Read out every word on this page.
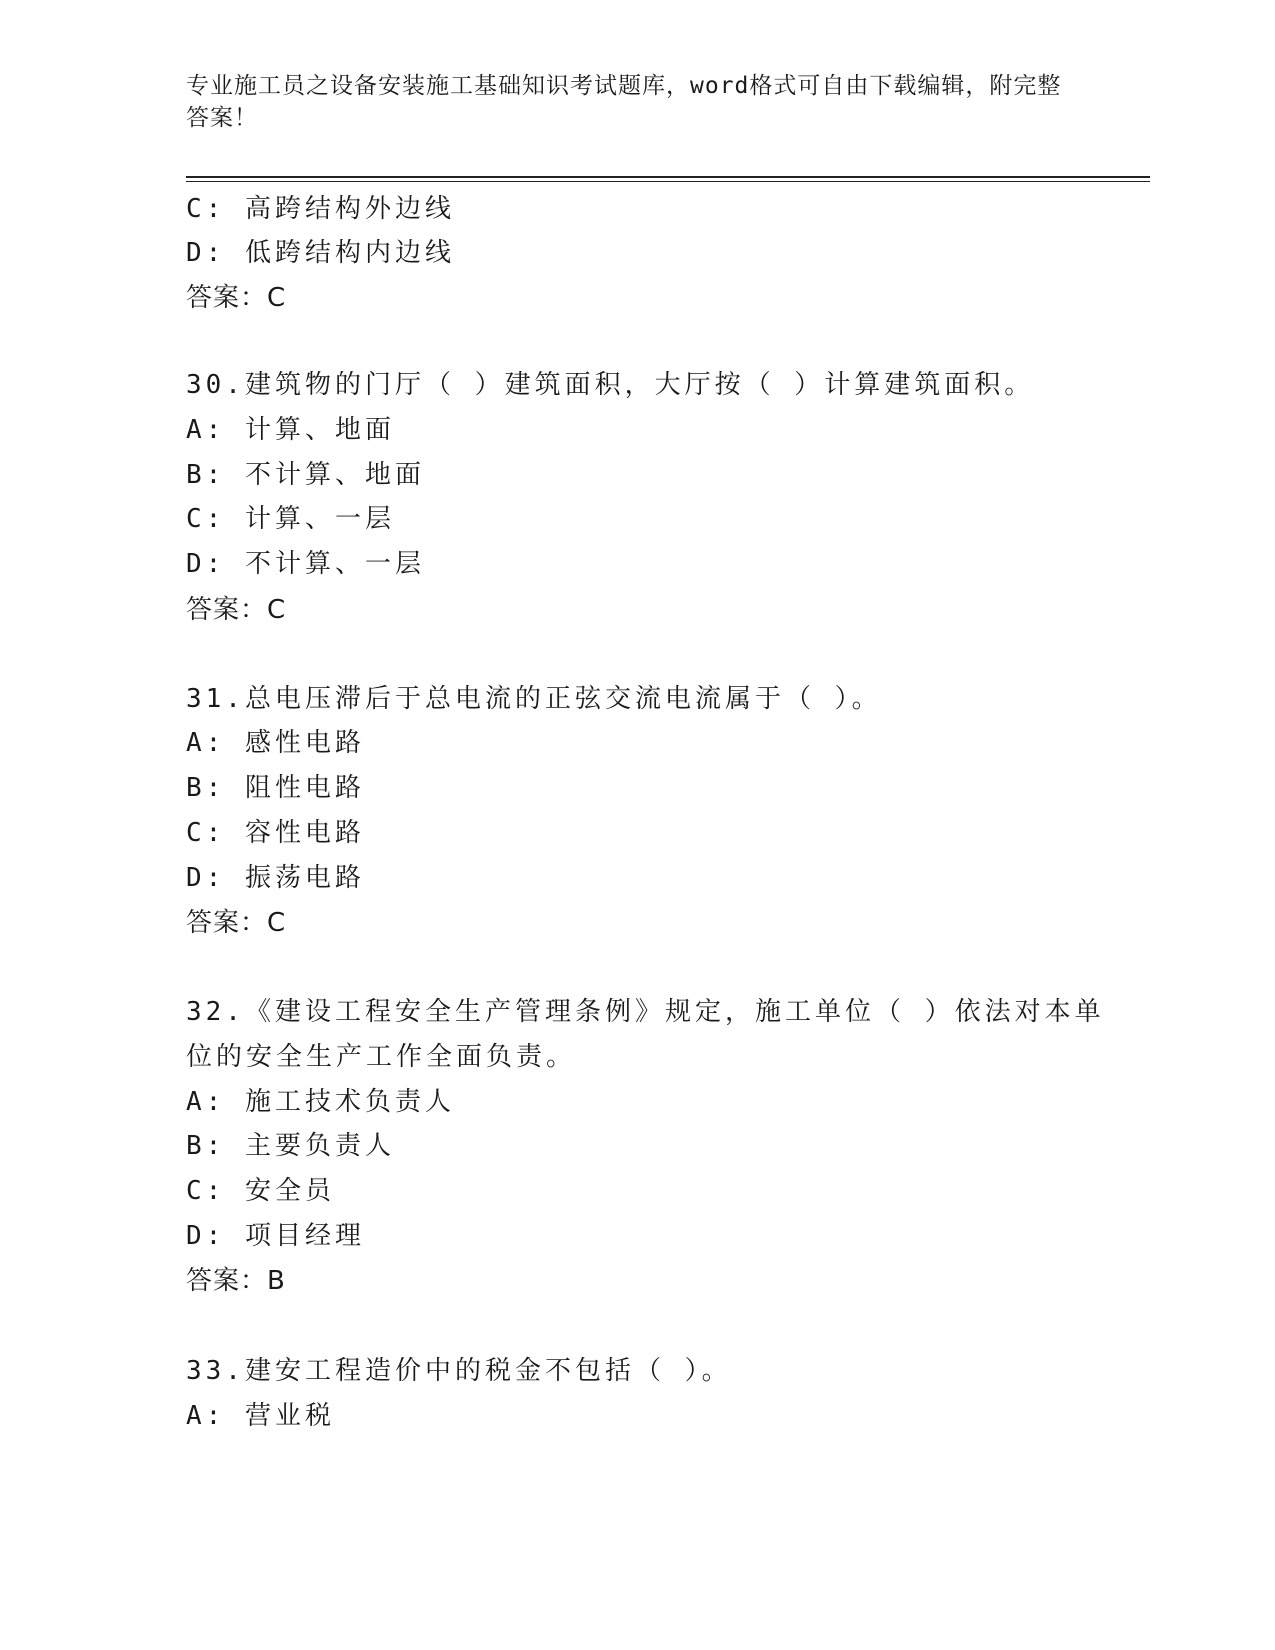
专业施工员之设备安装施工基础知识考试题库，word格式可自由下载编辑，附完整答案！
C: 高跨结构外边线
D: 低跨结构内边线
答案：C
30.建筑物的门厅（ ）建筑面积，大厅按（ ）计算建筑面积。
A: 计算、地面
B: 不计算、地面
C: 计算、一层
D: 不计算、一层
答案：C
31.总电压滞后于总电流的正弦交流电流属于（ ）。
A: 感性电路
B: 阻性电路
C: 容性电路
D: 振荡电路
答案：C
32.《建设工程安全生产管理条例》规定，施工单位（ ）依法对本单
位的安全生产工作全面负责。
A: 施工技术负责人
B: 主要负责人
C: 安全员
D: 项目经理
答案：B
33.建安工程造价中的税金不包括（ ）。
A: 营业税
